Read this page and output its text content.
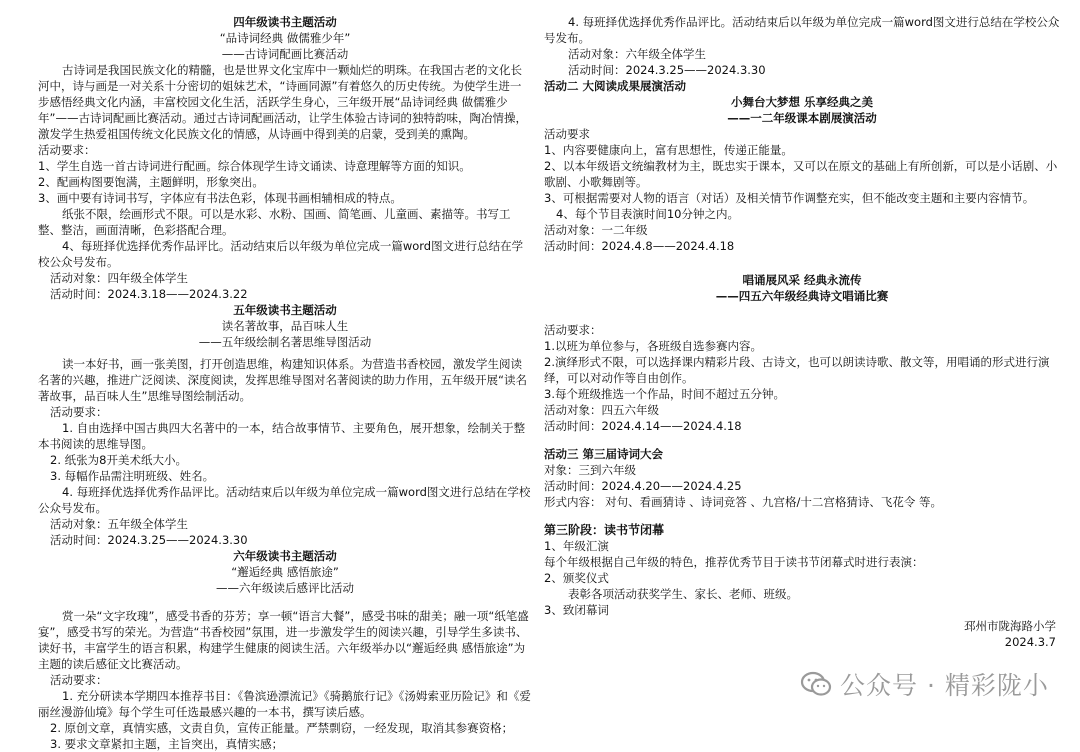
四年级读书主题活动

“品诗词经典 做儒雅少年”

——古诗词配画比赛活动

古诗词是我国民族文化的精髓，也是世界文化宝库中一颗灿烂的明珠。在我国古老的文化长河中，诗与画是一对关系十分密切的姐妹艺术，“诗画同源”有着悠久的历史传统。为使学生进一步感悟经典文化内涵，丰富校园文化生活，活跃学生身心，三年级开展“品诗词经典 做儒雅少年”——古诗词配画比赛活动。通过古诗词配画活动，让学生体验古诗词的独特韵味，陶冶情操，激发学生热爱祖国传统文化民族文化的情感，从诗画中得到美的启蒙，受到美的熏陶。

活动要求：

1、学生自选一首古诗词进行配画。综合体现学生诗文诵读、诗意理解等方面的知识。

2、配画构图要饱满，主题鲜明，形象突出。

3、画中要有诗词书写，字体应有书法色彩，体现书画相辅相成的特点。

纸张不限，绘画形式不限。可以是水彩、水粉、国画、简笔画、儿童画、素描等。书写工整、整洁，画面清晰，色彩搭配合理。

4、每班择优选择优秀作品评比。活动结束后以年级为单位完成一篇word图文进行总结在学校公众号发布。

活动对象：四年级全体学生

活动时间：2024.3.18——2024.3.22

五年级读书主题活动

读名著故事，品百味人生

——五年级绘制名著思维导图活动

读一本好书，画一张美图，打开创造思维，构建知识体系。为营造书香校园，激发学生阅读名著的兴趣，推进广泛阅读、深度阅读，发挥思维导图对名著阅读的助力作用，五年级开展“读名著故事，品百味人生”思维导图绘制活动。

活动要求：

1. 自由选择中国古典四大名著中的一本，结合故事情节、主要角色，展开想象，绘制关于整本书阅读的思维导图。

2. 纸张为8开美术纸大小。

3. 每幅作品需注明班级、姓名。

4. 每班择优选择优秀作品评比。活动结束后以年级为单位完成一篇word图文进行总结在学校公众号发布。

活动对象：五年级全体学生

活动时间：2024.3.25——2024.3.30

六年级读书主题活动

“邂逅经典 感悟旅途”

——六年级读后感评比活动

赏一朵“文字玫瑰”，感受书香的芬芳；享一顿“语言大餐”，感受书味的甜美；融一项“纸笔盛宴”，感受书写的荣光。为营造“书香校园”氛围，进一步激发学生的阅读兴趣，引导学生多读书、读好书，丰富学生的语言积累，构建学生健康的阅读生活。六年级举办以“邂逅经典 感悟旅途”为主题的读后感征文比赛活动。

活动要求：

1. 充分研读本学期四本推荐书目：《鲁滨逊漂流记》《骑鹅旅行记》《汤姆索亚历险记》和《爱丽丝漫游仙境》每个学生可任选最感兴趣的一本书，撰写读后感。

2. 原创文章，真情实感，文责自负，宣传正能量。严禁剽窃，一经发现，取消其参赛资格；

3. 要求文章紧扣主题，主旨突出，真情实感；

4. 每班择优选择优秀作品评比。活动结束后以年级为单位完成一篇word图文进行总结在学校公众号发布。

活动对象：六年级全体学生

活动时间：2024.3.25——2024.3.30

活动二 大阅读成果展演活动

小舞台大梦想 乐享经典之美

——一二年级课本剧展演活动

活动要求

1、内容要健康向上，富有思想性，传递正能量。

2、以本年级语文统编教材为主，既忠实于课本，又可以在原文的基础上有所创新，可以是小话剧、小歌剧、小歌舞剧等。

3、可根据需要对人物的语言（对话）及相关情节作调整充实，但不能改变主题和主要内容情节。

4、每个节目表演时间10分钟之内。

活动对象：一二年级

活动时间：2024.4.8——2024.4.18

唱诵展风采 经典永流传

——四五六年级经典诗文唱诵比赛

活动要求：

1.以班为单位参与，各班级自选参赛内容。

2.演绎形式不限，可以选择课内精彩片段、古诗文，也可以朗读诗歌、散文等，用唱诵的形式进行演绎，可以对动作等自由创作。

3.每个班级推选一个作品，时间不超过五分钟。

活动对象：四五六年级

活动时间：2024.4.14——2024.4.18

活动三 第三届诗词大会

对象：三到六年级

活动时间：2024.4.20——2024.4.25

形式内容： 对句、看画猜诗 、诗词竞答 、九宫格/十二宫格猜诗、飞花令 等。

第三阶段：读书节闭幕

1、年级汇演

每个年级根据自己年级的特色，推荐优秀节目于读书节闭幕式时进行表演：

2、颁奖仪式

表彰各项活动获奖学生、家长、老师、班级。

3、致闭幕词

邳州市陇海路小学

2024.3.7

公众号 · 精彩陇小
